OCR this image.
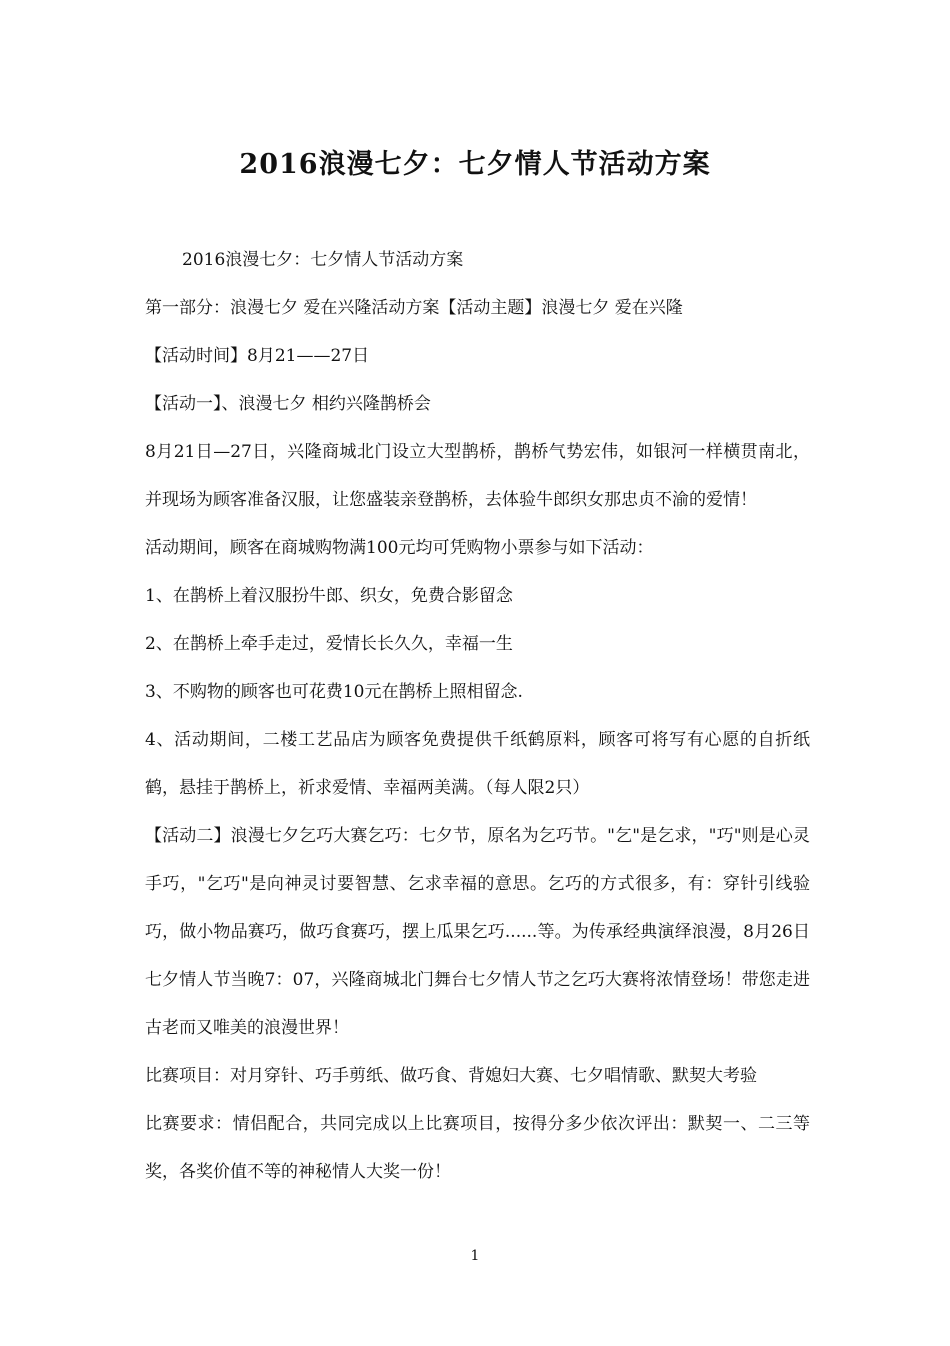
2016浪漫七夕：七夕情人节活动方案

2016浪漫七夕：七夕情人节活动方案

第一部分：浪漫七夕 爱在兴隆活动方案【活动主题】浪漫七夕 爱在兴隆

【活动时间】8月21——27日

【活动一】、浪漫七夕 相约兴隆鹊桥会

8月21日—27日，兴隆商城北门设立大型鹊桥，鹊桥气势宏伟，如银河一样横贯南北，并现场为顾客准备汉服，让您盛装亲登鹊桥，去体验牛郎织女那忠贞不渝的爱情！

活动期间，顾客在商城购物满100元均可凭购物小票参与如下活动：

1、在鹊桥上着汉服扮牛郎、织女，免费合影留念

2、在鹊桥上牵手走过，爱情长长久久，幸福一生

3、不购物的顾客也可花费10元在鹊桥上照相留念.

4、活动期间，二楼工艺品店为顾客免费提供千纸鹤原料，顾客可将写有心愿的自折纸鹤，悬挂于鹊桥上，祈求爱情、幸福两美满。（每人限2只）

【活动二】浪漫七夕乞巧大赛乞巧：七夕节，原名为乞巧节。"乞"是乞求，"巧"则是心灵手巧，"乞巧"是向神灵讨要智慧、乞求幸福的意思。乞巧的方式很多，有：穿针引线验巧，做小物品赛巧，做巧食赛巧，摆上瓜果乞巧......等。为传承经典演绎浪漫，8月26日七夕情人节当晚7：07，兴隆商城北门舞台七夕情人节之乞巧大赛将浓情登场！带您走进古老而又唯美的浪漫世界！

比赛项目：对月穿针、巧手剪纸、做巧食、背媳妇大赛、七夕唱情歌、默契大考验

比赛要求：情侣配合，共同完成以上比赛项目，按得分多少依次评出：默契一、二三等奖，各奖价值不等的神秘情人大奖一份！

1
